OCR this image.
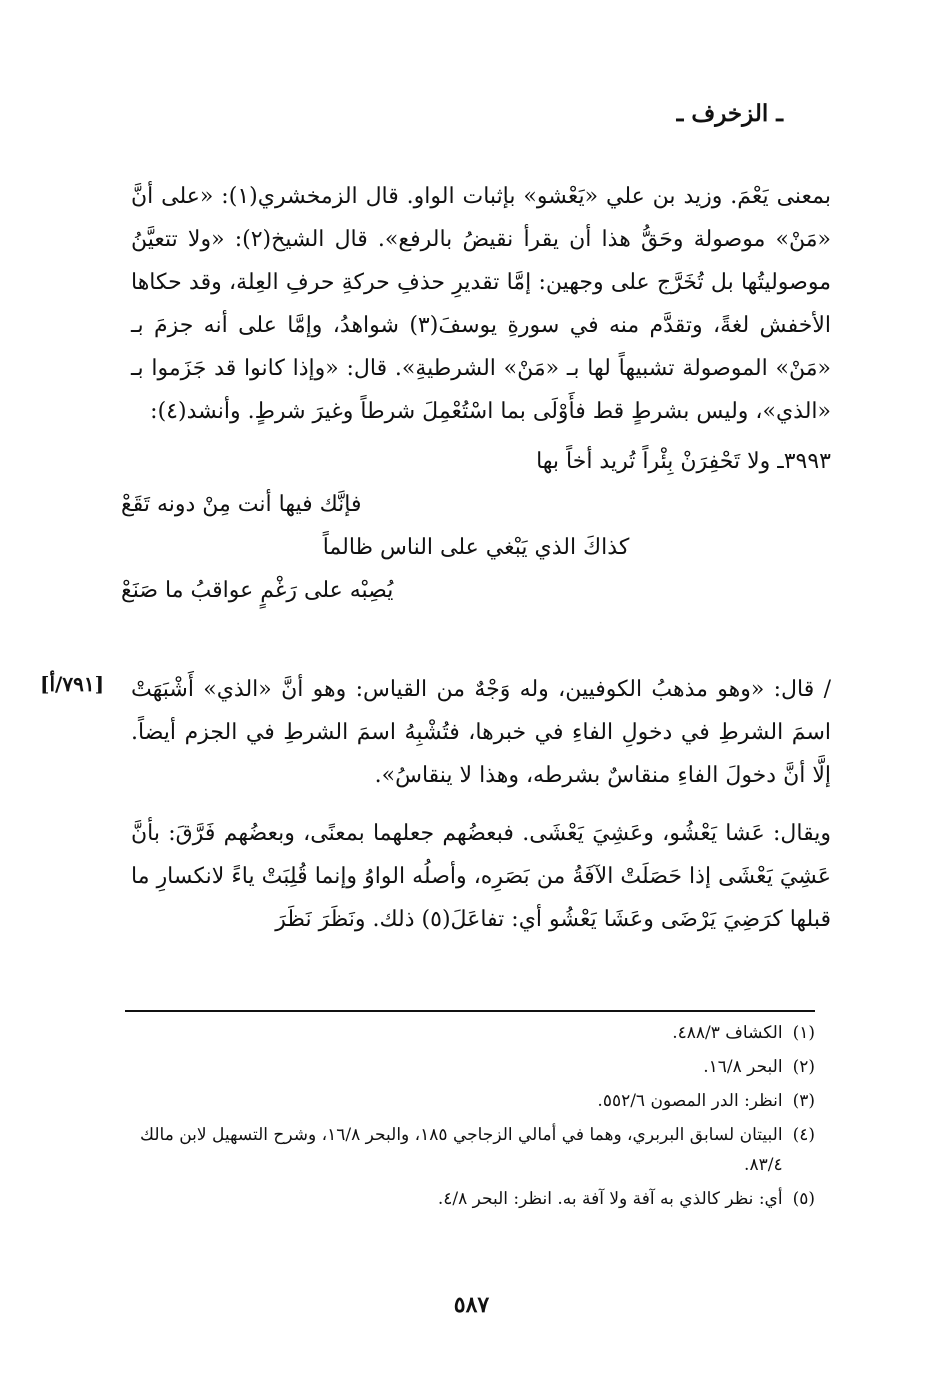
ـ الزخرف ـ
بمعنى يَعْمَ. وزيد بن علي «يَعْشو» بإثبات الواو. قال الزمخشري(١): «على أنَّ «مَنْ» موصولة وحَقُّ هذا أن يقرأ نقيضُ بالرفع». قال الشيخ(٢): «ولا تتعيَّنُ موصوليتُها بل تُخَرَّج على وجهين: إمَّا تقديرِ حذفِ حركةِ حرفِ العِلة، وقد حكاها الأخفش لغةً، وتقدَّم منه في سورةِ يوسفَ(٣) شواهدُ، وإمَّا على أنه جزمَ بـ «مَنْ» الموصولة تشبيهاً لها بـ «مَنْ» الشرطيةِ». قال: «وإذا كانوا قد جَزَموا بـ «الذي»، وليس بشرطٍ قط فأَوْلَى بما اسْتُعْمِلَ شرطاً وغيرَ شرطٍ. وأنشد(٤):
٣٩٩٣ـ ولا تَحْفِرَنْ بِئْراً تُريد أخاً بها
فإنَّك فيها أنت مِنْ دونه تَقَعْ
كذاكَ الذي يَبْغي على الناس ظالماً
يُصِبْه على رَغْمٍ عواقبُ ما صَنَعْ
[٧٩١/أ] / قال: «وهو مذهبُ الكوفيين، وله وَجْهٌ من القياس: وهو أنَّ «الذي» أَشْبَهَتْ اسمَ الشرطِ في دخولِ الفاءِ في خبرها، فتُشْبِهُ اسمَ الشرطِ في الجزم أيضاً. إلَّا أنَّ دخولَ الفاءِ منقاسٌ بشرطه، وهذا لا ينقاسُ».
ويقال: عَشا يَعْشُو، وعَشِيَ يَعْشَى. فبعضُهم جعلهما بمعنًى، وبعضُهم فَرَّقَ: بأنَّ عَشِيَ يَعْشَى إذا حَصَلَتْ الآفَةُ من بَصَرِه، وأصلُه الواوُ وإنما قُلِبَتْ ياءً لانكسارِ ما قبلها كرَضِيَ يَرْضَى وعَشَا يَعْشُو أي: تفاعَلَ(٥) ذلك. ونَظَرَ نَظَرَ
(١)
الكشاف ٤٨٨/٣.
(٢)
البحر ١٦/٨.
(٣)
انظر: الدر المصون ٥٥٢/٦.
(٤)
البيتان لسابق البربري، وهما في أمالي الزجاجي ١٨٥، والبحر ١٦/٨، وشرح التسهيل لابن مالك ٨٣/٤.
(٥)
أي: نظر كالذي به آفة ولا آفة به. انظر: البحر ٤/٨.
٥٨٧
